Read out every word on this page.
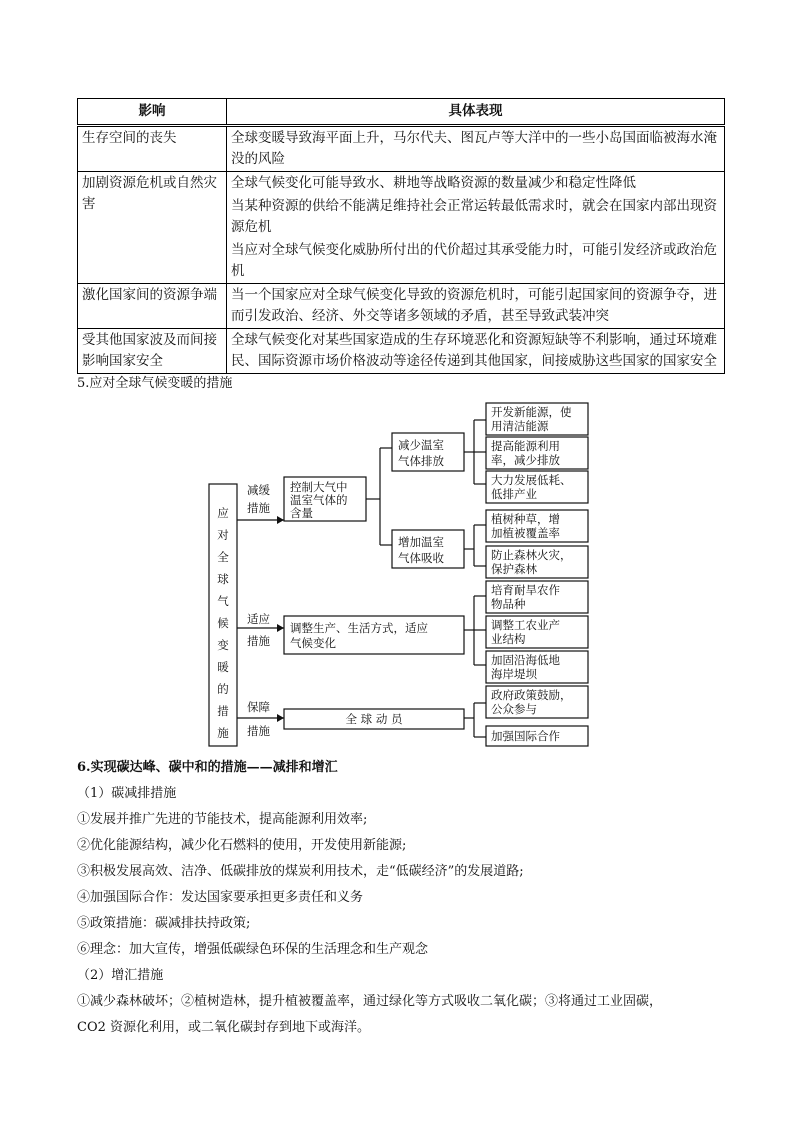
影响	具体表现
生存空间的丧失	全球变暖导致海平面上升，马尔代夫、图瓦卢等大洋中的一些小岛国面临被海水淹没的风险
加剧资源危机或自然灾害	全球气候变化可能导致水、耕地等战略资源的数量减少和稳定性降低
	当某种资源的供给不能满足维持社会正常运转最低需求时，就会在国家内部出现资源危机
	当应对全球气候变化威胁所付出的代价超过其承受能力时，可能引发经济或政治危机
激化国家间的资源争端	当一个国家应对全球气候变化导致的资源危机时，可能引起国家间的资源争夺，进而引发政治、经济、外交等诸多领域的矛盾，甚至导致武装冲突
受其他国家波及而间接影响国家安全	全球气候变化对某些国家造成的生存环境恶化和资源短缺等不利影响，通过环境难民、国际资源市场价格波动等途径传递到其他国家，间接威胁这些国家的国家安全
5.应对全球气候变暖的措施
应
对
全
球
气
候
变
暖
的
措
施
减缓
措施
适应
措施
保障
措施
控制大气中
温室气体的
含量
减少温室
气体排放
增加温室
气体吸收
开发新能源，使
用清洁能源
提高能源利用
率，减少排放
大力发展低耗、
低排产业
植树种草，增
加植被覆盖率
防止森林火灾，
保护森林
调整生产、生活方式，适应
气候变化
培育耐旱农作
物品种
调整工农业产
业结构
加固沿海低地
海岸堤坝
全 球 动 员
政府政策鼓励，
公众参与
加强国际合作
6.实现碳达峰、碳中和的措施——减排和增汇
（1）碳减排措施
①发展并推广先进的节能技术，提高能源利用效率;
②优化能源结构，减少化石燃料的使用，开发使用新能源;
③积极发展高效、洁净、低碳排放的煤炭利用技术，走“低碳经济”的发展道路;
④加强国际合作：发达国家要承担更多责任和义务
⑤政策措施：碳减排扶持政策;
⑥理念：加大宣传，增强低碳绿色环保的生活理念和生产观念
（2）增汇措施
①减少森林破坏；②植树造林，提升植被覆盖率，通过绿化等方式吸收二氧化碳；③将通过工业固碳，
CO2 资源化利用，或二氧化碳封存到地下或海洋。
